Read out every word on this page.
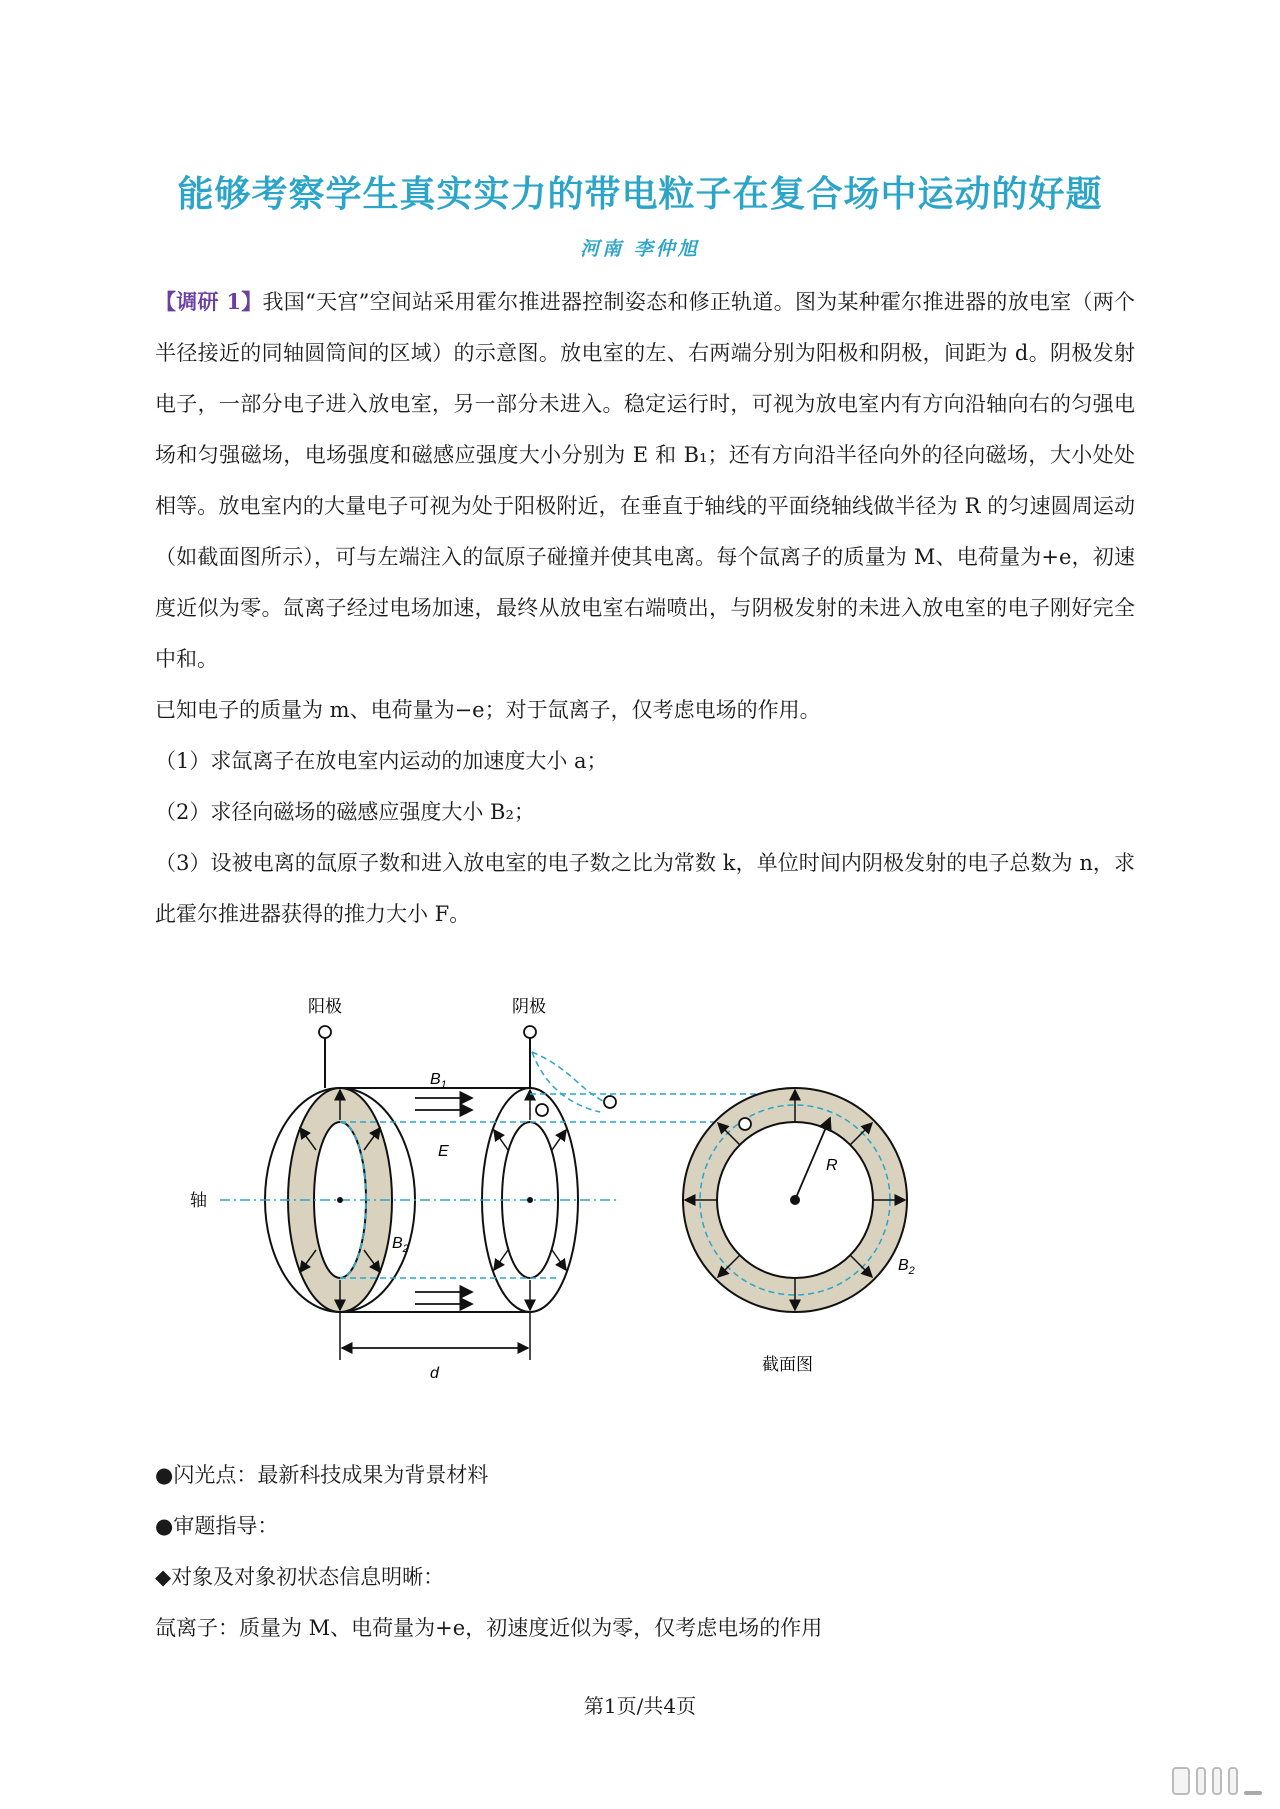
能够考察学生真实实力的带电粒子在复合场中运动的好题
河南 李仲旭

【调研 1】我国“天宫”空间站采用霍尔推进器控制姿态和修正轨道。图为某种霍尔推进器的放电室（两个半径接近的同轴圆筒间的区域）的示意图。放电室的左、右两端分别为阳极和阴极，间距为 d。阴极发射电子，一部分电子进入放电室，另一部分未进入。稳定运行时，可视为放电室内有方向沿轴向右的匀强电场和匀强磁场，电场强度和磁感应强度大小分别为 E 和 B₁；还有方向沿半径向外的径向磁场，大小处处相等。放电室内的大量电子可视为处于阳极附近，在垂直于轴线的平面绕轴线做半径为 R 的匀速圆周运动（如截面图所示），可与左端注入的氙原子碰撞并使其电离。每个氙离子的质量为 M、电荷量为+e，初速度近似为零。氙离子经过电场加速，最终从放电室右端喷出，与阴极发射的未进入放电室的电子刚好完全中和。

已知电子的质量为 m、电荷量为−e；对于氙离子，仅考虑电场的作用。

（1）求氙离子在放电室内运动的加速度大小 a；

（2）求径向磁场的磁感应强度大小 B₂；

（3）设被电离的氙原子数和进入放电室的电子数之比为常数 k，单位时间内阴极发射的电子总数为 n，求此霍尔推进器获得的推力大小 F。

阳极	阴极
轴
$B_1$
E
$B_2$
d
R
$B_2$
截面图

●闪光点：最新科技成果为背景材料

●审题指导：

◆对象及对象初状态信息明晰：

氙离子：质量为 M、电荷量为+e，初速度近似为零，仅考虑电场的作用

第1页/共4页
